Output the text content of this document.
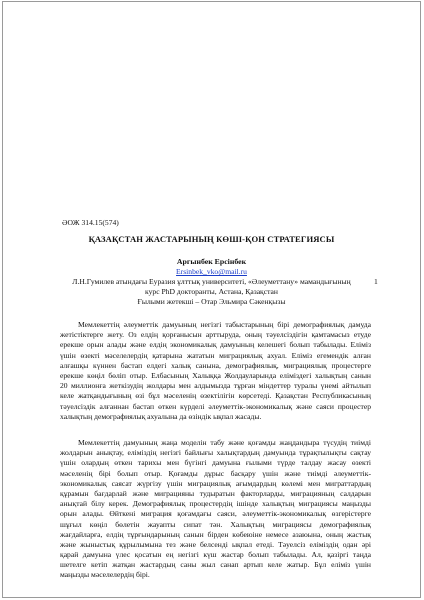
ӘОЖ 314.15(574)
ҚАЗАҚСТАН ЖАСТАРЫНЫҢ КӨШІ-ҚОН СТРАТЕГИЯСЫ
Аргынбек Ерсінбек
Ersinbek_vko@mail.ru
Л.Н.Гумилев атындағы Еуразия ұлттық университеті, «Әлеуметтану» мамандығының	1
курс PhD докторанты, Астана, Қазақстан
Ғылыми жетекші – Отар Эльмира Сәкенқызы
Мемлекеттің әлеуметтік дамуының негізгі табыстарының бірі демографиялық дамуда
жетістіктерге жету. Оз елдің қорғанысын арттыруда, оның тәуелсіздігін қамтамасыз етуде
ерекше орын алады және елдің экономикалық дамуының келешегі болып табылады. Еліміз
үшін өзекті мәселелердің қатарына жататын миграциялық ахуал. Еліміз егемендік алған
алғашқы күннен бастап елдегі халық санына, демографиялық, миграциялық процестерге
ерекше көңіл бөліп отыр. Елбасының Халыққа Жолдауларында еліміздегі халықтың санын
20 миллионға жеткізудің жолдары мен алдымызда тұрған міндеттер туралы үнемі айтылып
келе жатқандығының өзі бұл мәселенің өзектілігін көрсетеді. Қазақстан Республикасының
тәуелсіздік алғаннан бастап өткен күрделі әлеуметтік-экономикалық және саяси процестер
халықтың демографиялық ахуалына да өзіндік ықпал жасады.
Мемлекеттің дамуының жаңа моделін табу және қоғамды жаңдандыра түсудің тиімді
жолдарын анықтау, еліміздің негізгі байлығы халықтардың дамуында тұрақтылықты сақтау
үшін олардың өткен тарихы мен бүгінгі дамуына ғылыми түрде талдау жасау өзекті
мәселенің бірі болып отыр. Қоғамды дұрыс басқару үшін және тиімді әлеуметтік-
экономикалық саясат жүргізу үшін миграциялық ағымдардың көлемі мен миграттардың
құрамын бағдарлай және миграцияны тудыратын факторларды, миграцияның салдарын
анықтай білу керек. Демографиялық процестердің ішінде халықтың миграциясы маңызды
орын алады. Өйткені миграция қоғамдағы саяси, әлеуметтік-экономикалық өзгерістерге
шұғыл көңіл бөлетін жауапты сипат тән. Халықтың миграциясы демографиялық
жағдайларға, елдің тұрғындарының санын бірден көбеюіне немесе азаюына, оның жастық
және жыныстық құрылымына тез және белсенді ықпал етеді. Тәуелсіз еліміздің одан әрі
қарай дамуына үлес қосатын ең негізгі күш жастар болып табылады. Ал, қазіргі таңда
шетелге кетіп жатқан жастардың саны жыл санап артып келе жатыр. Бұл еліміз үшін
маңызды мәселелердің бірі.
